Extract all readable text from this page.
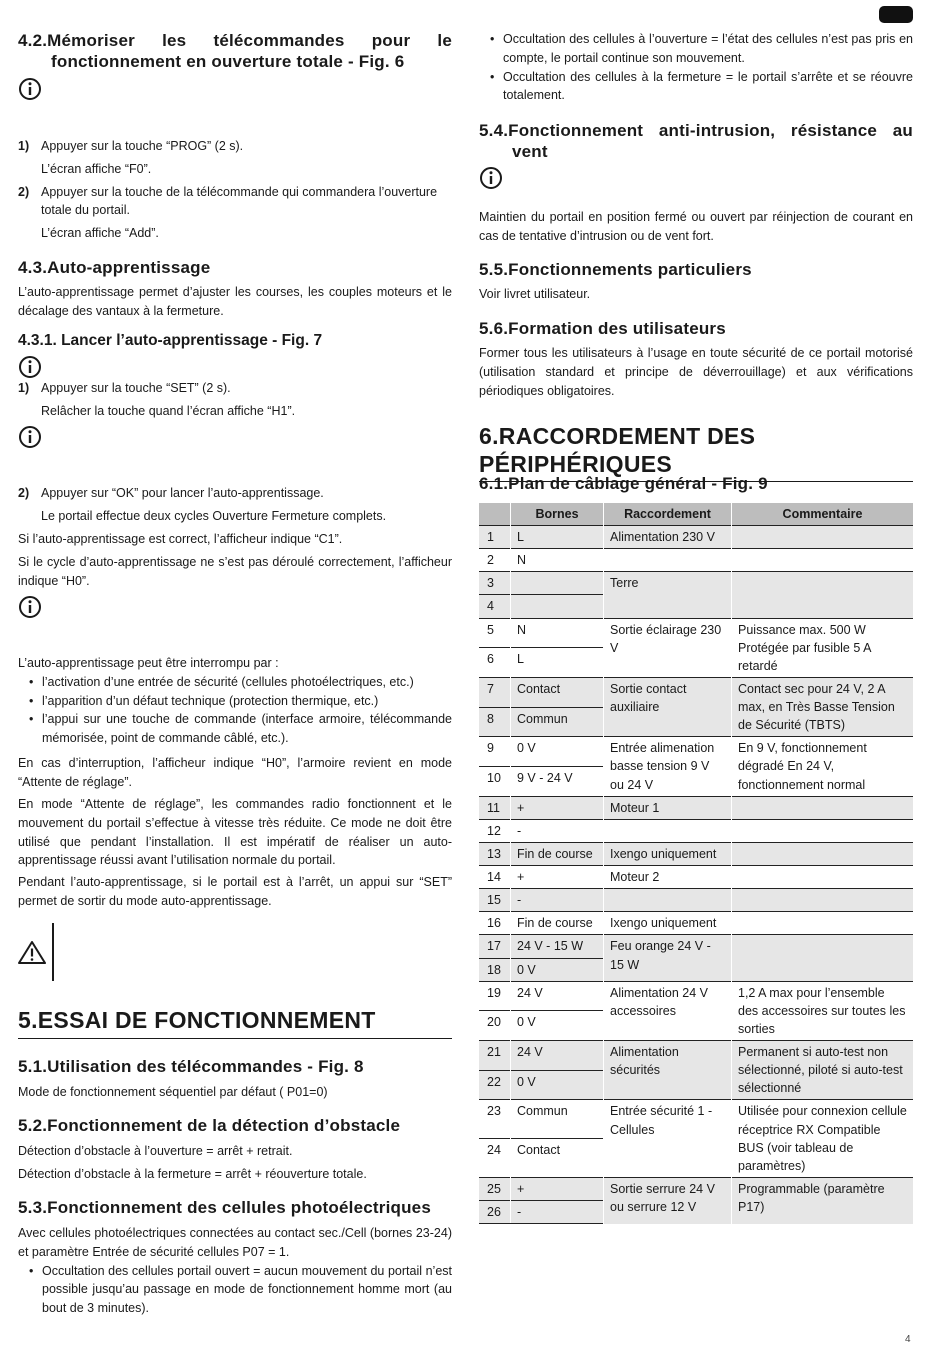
4.2.Mémoriser les télécommandes pour le
fonctionnement en ouverture totale - Fig. 6
1) Appuyer sur la touche “PROG” (2 s).

L’écran affiche “F0”.

2) Appuyer sur la touche de la télécommande qui commandera l’ouverture totale du portail.

L’écran affiche “Add”.

4.3.Auto-apprentissage

L’auto-apprentissage permet d’ajuster les courses, les couples moteurs et le décalage des vantaux à la fermeture.

4.3.1. Lancer l’auto-apprentissage - Fig. 7
1) Appuyer sur la touche “SET” (2 s).

Relâcher la touche quand l’écran affiche “H1”.

2) Appuyer sur “OK” pour lancer l’auto-apprentissage.

Le portail effectue deux cycles Ouverture Fermeture complets.

Si l’auto-apprentissage est correct, l’afficheur indique “C1”.

Si le cycle d’auto-apprentissage ne s’est pas déroulé correctement, l’afficheur indique “H0”.

L’auto-apprentissage peut être interrompu par :

• l’activation d’une entrée de sécurité (cellules photoélectriques, etc.)
• l’apparition d’un défaut technique (protection thermique, etc.)
• l’appui sur une touche de commande (interface armoire, télécommande mémorisée, point de commande câblé, etc.).

En cas d’interruption, l’afficheur indique “H0”, l’armoire revient en mode “Attente de réglage”.

En mode “Attente de réglage”, les commandes radio fonctionnent et le mouvement du portail s’effectue à vitesse très réduite. Ce mode ne doit être utilisé que pendant l’installation. Il est impératif de réaliser un auto-apprentissage réussi avant l’utilisation normale du portail.

Pendant l’auto-apprentissage, si le portail est à l’arrêt, un appui sur “SET” permet de sortir du mode auto-apprentissage.

5.ESSAI DE FONCTIONNEMENT
5.1.Utilisation des télécommandes - Fig. 8

Mode de fonctionnement séquentiel par défaut ( P01=0)

5.2.Fonctionnement de la détection d’obstacle

Détection d’obstacle à l’ouverture = arrêt + retrait.

Détection d’obstacle à la fermeture = arrêt + réouverture totale.

5.3.Fonctionnement des cellules photoélectriques

Avec cellules photoélectriques connectées au contact sec./Cell (bornes 23-24) et paramètre Entrée de sécurité cellules P07 = 1.

• Occultation des cellules portail ouvert = aucun mouvement du portail n’est possible jusqu’au passage en mode de fonctionnement homme mort (au bout de 3 minutes).
• Occultation des cellules à l’ouverture = l’état des cellules n’est pas pris en compte, le portail continue son mouvement.
• Occultation des cellules à la fermeture = le portail s’arrête et se réouvre totalement.
5.4.Fonctionnement anti-intrusion, résistance au
vent

Maintien du portail en position fermé ou ouvert par réinjection de courant en cas de tentative d’intrusion ou de vent fort.

5.5.Fonctionnements particuliers

Voir livret utilisateur.

5.6.Formation des utilisateurs

Former tous les utilisateurs à l’usage en toute sécurité de ce portail motorisé (utilisation standard et principe de déverrouillage) et aux vérifications périodiques obligatoires.

6.RACCORDEMENT DES PÉRIPHÉRIQUES
6.1.Plan de câblage général - Fig. 9
	Bornes	Raccordement	Commentaire
1	L	Alimentation 230 V	
2	N		
3		Terre	
4			
5	N	Sortie éclairage 230 V	Puissance max. 500 W Protégée par fusible 5 A retardé
6	L		
7	Contact	Sortie contact auxiliaire	Contact sec pour 24 V, 2 A max, en Très Basse Tension de Sécurité (TBTS)
8	Commun		
9	0 V	Entrée alimenation basse tension 9 V ou 24 V	En 9 V, fonctionnement dégradé En 24 V, fonctionnement normal
10	9 V - 24 V		
11	+	Moteur 1	
12	-		
13	Fin de course	Ixengo uniquement	
14	+	Moteur 2	
15	-		
16	Fin de course	Ixengo uniquement	
17	24 V - 15 W	Feu orange 24 V - 15 W	
18	0 V		
19	24 V	Alimentation 24 V accessoires	1,2 A max pour l’ensemble des accessoires sur toutes les sorties
20	0 V		
21	24 V	Alimentation sécurités	Permanent si auto-test non sélectionné, piloté si auto-test sélectionné
22	0 V		
23	Commun	Entrée sécurité 1 - Cellules	Utilisée pour connexion cellule réceptrice RX Compatible BUS (voir tableau de paramètres)
24	Contact		
25	+	Sortie serrure 24 V ou serrure 12 V	Programmable (paramètre P17)
26	-		
4
